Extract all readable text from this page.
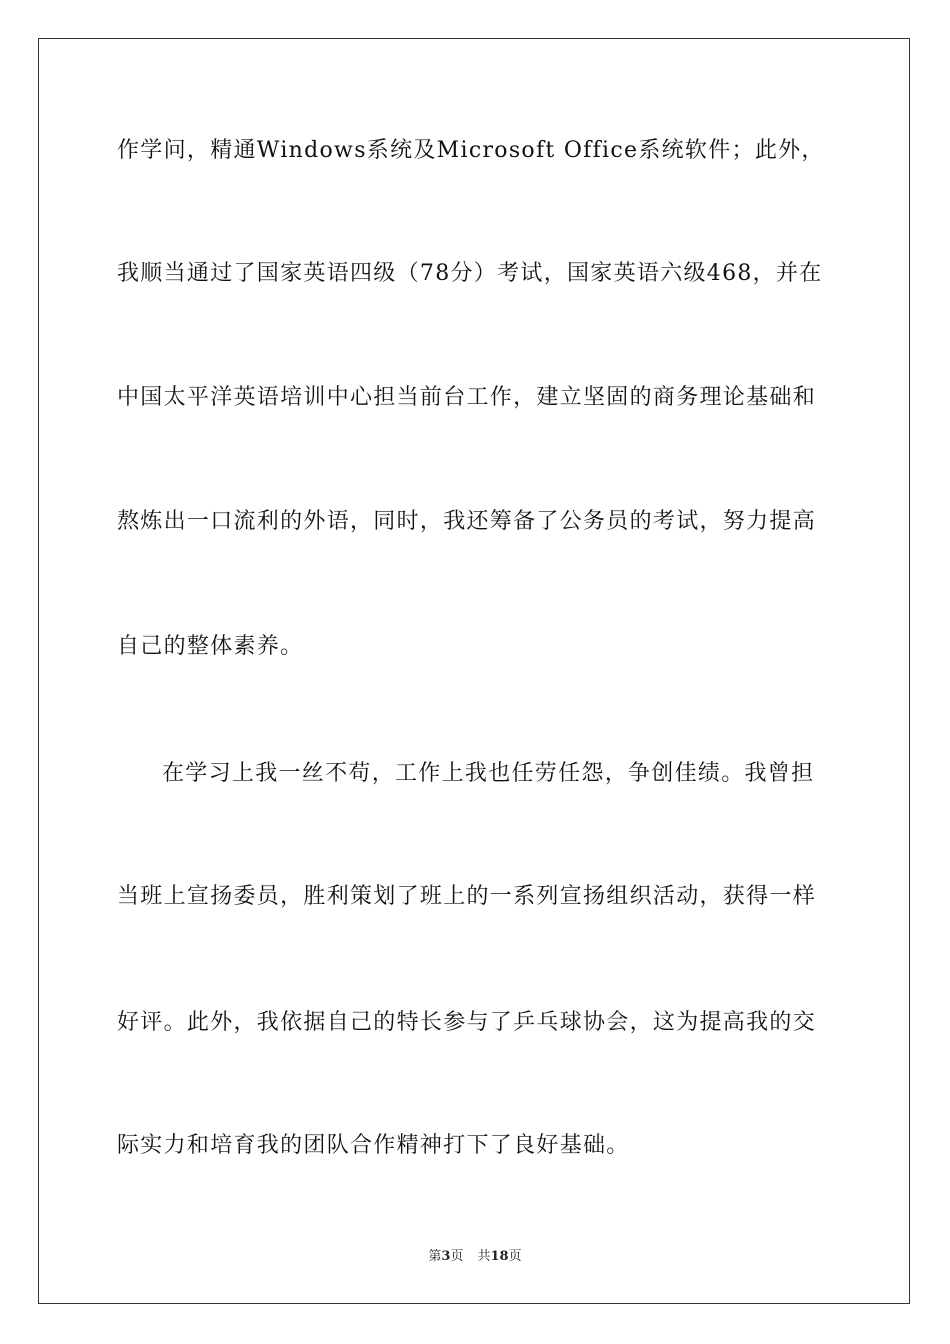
作学问，精通Windows系统及Microsoft Office系统软件；此外，
我顺当通过了国家英语四级（78分）考试，国家英语六级468，并在
中国太平洋英语培训中心担当前台工作，建立坚固的商务理论基础和
熬炼出一口流利的外语，同时，我还筹备了公务员的考试，努力提高
自己的整体素养。
在学习上我一丝不苟，工作上我也任劳任怨，争创佳绩。我曾担
当班上宣扬委员，胜利策划了班上的一系列宣扬组织活动，获得一样
好评。此外，我依据自己的特长参与了乒乓球协会，这为提高我的交
际实力和培育我的团队合作精神打下了良好基础。
第3页 共18页
